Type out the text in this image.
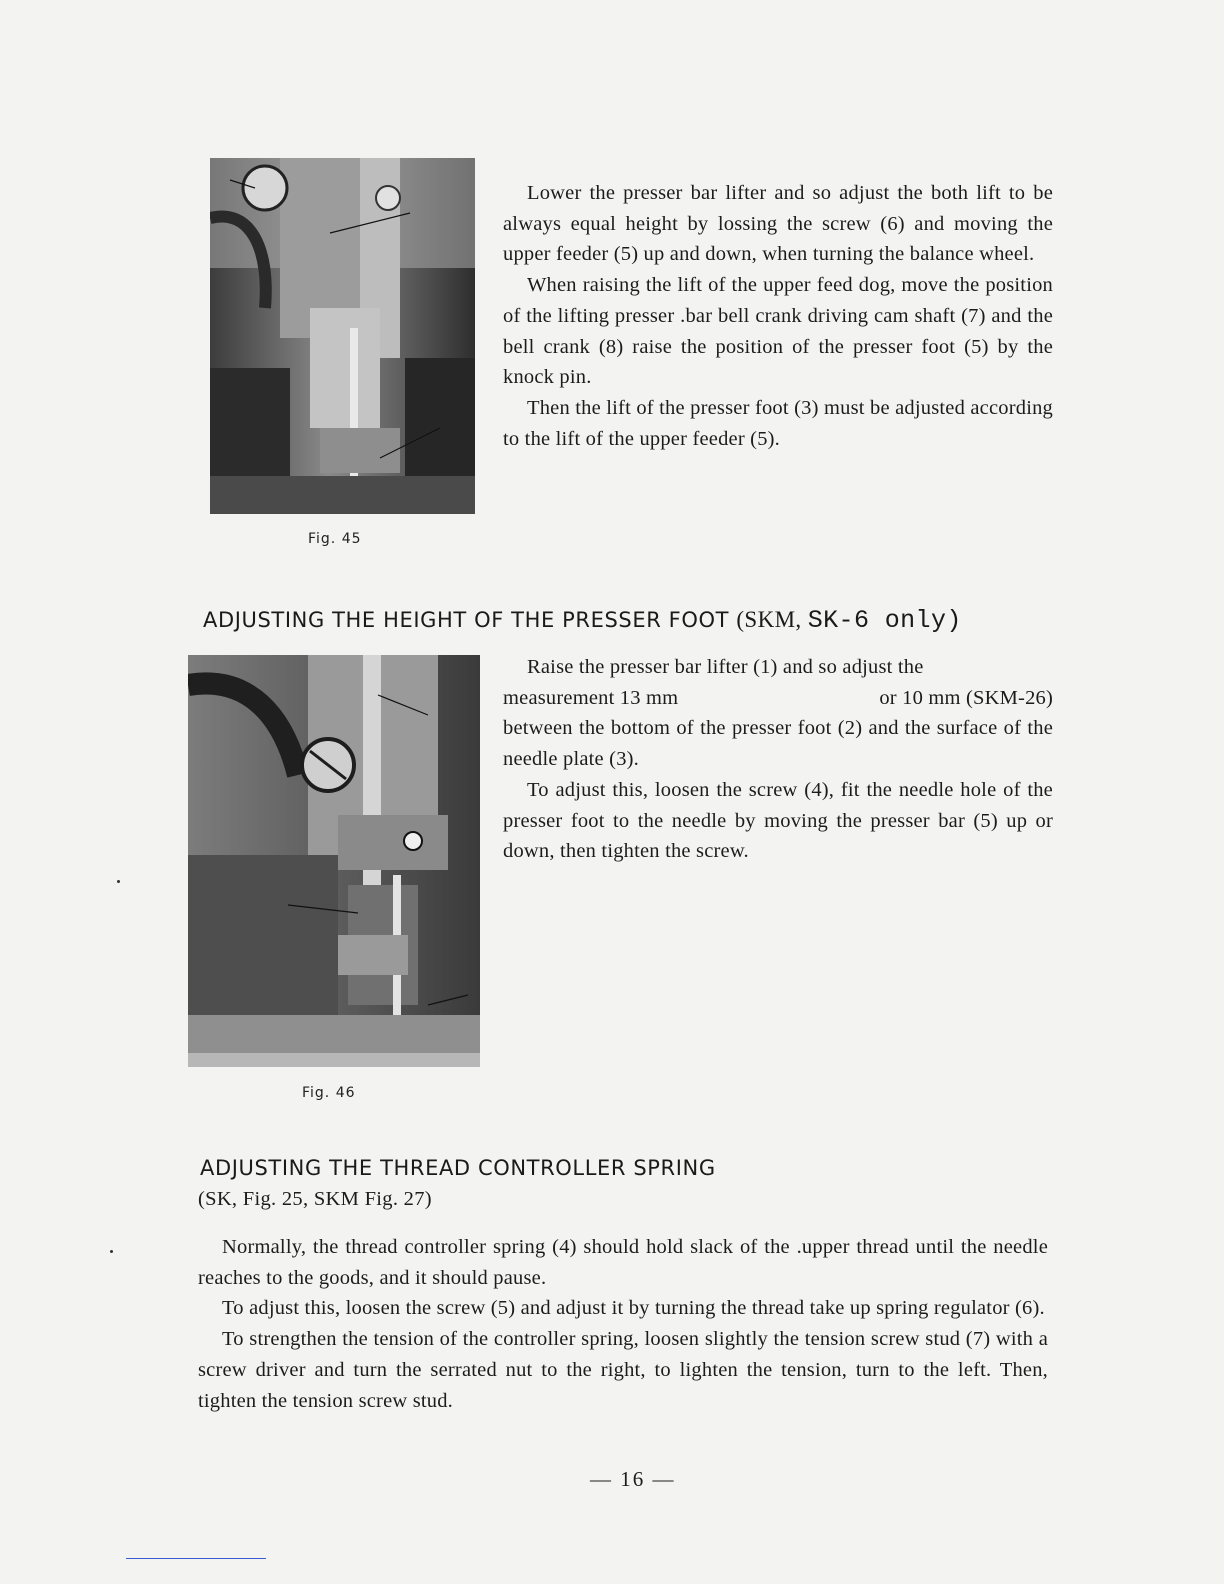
Fig. 45

Lower the presser bar lifter and so adjust the both lift to be always equal height by lossing the screw (6) and moving the upper feeder (5) up and down, when turning the balance wheel.

When raising the lift of the upper feed dog, move the position of the lifting presser .bar bell crank driving cam shaft (7) and the bell crank (8) raise the position of the presser foot (5) by the knock pin.

Then the lift of the presser foot (3) must be adjusted according to the lift of the upper feeder (5).

ADJUSTING THE HEIGHT OF THE PRESSER FOOT (SKM, SK-6 only)
Fig. 46

Raise the presser bar lifter (1) and so adjust the
measurement 13 mm	or 10 mm (SKM-26)
between the bottom of the presser foot (2) and the surface of the needle plate (3).

To adjust this, loosen the screw (4), fit the needle hole of the presser foot to the needle by moving the presser bar (5) up or down, then tighten the screw.

ADJUSTING THE THREAD CONTROLLER SPRING
(SK, Fig. 25, SKM Fig. 27)

Normally, the thread controller spring (4) should hold slack of the .upper thread until the needle reaches to the goods, and it should pause.

To adjust this, loosen the screw (5) and adjust it by turning the thread take up spring regulator (6).

To strengthen the tension of the controller spring, loosen slightly the tension screw stud (7) with a screw driver and turn the serrated nut to the right, to lighten the tension, turn to the left. Then, tighten the tension screw stud.

— 16 —
